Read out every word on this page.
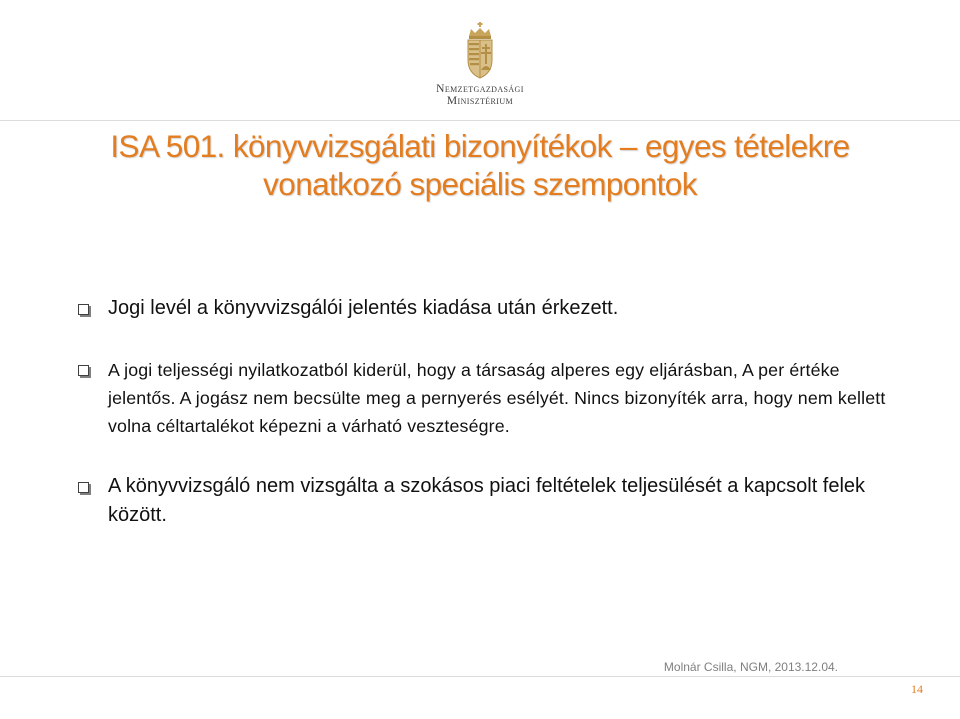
Nemzetgazdasági
Minisztérium
ISA 501. könyvvizsgálati bizonyítékok – egyes tételekre vonatkozó speciális szempontok
Jogi levél a könyvvizsgálói jelentés kiadása után érkezett.
A jogi teljességi nyilatkozatból kiderül, hogy a társaság alperes egy eljárásban, A per értéke jelentős. A jogász nem becsülte meg a pernyerés esélyét. Nincs bizonyíték arra, hogy nem kellett volna céltartalékot képezni a várható veszteségre.
A könyvvizsgáló nem vizsgálta a szokásos piaci feltételek teljesülését a kapcsolt felek között.
Molnár Csilla, NGM, 2013.12.04.
14
